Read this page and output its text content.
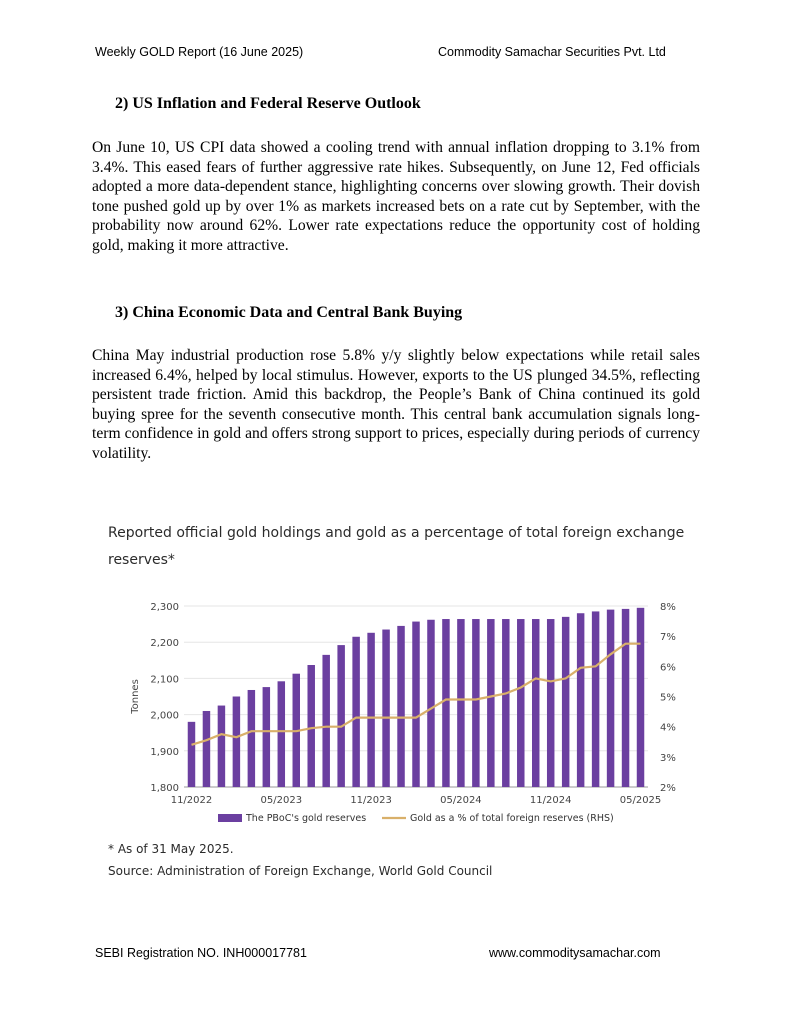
Weekly GOLD Report (16 June 2025)	Commodity Samachar Securities Pvt. Ltd
2) US Inflation and Federal Reserve Outlook

On June 10, US CPI data showed a cooling trend with annual inflation dropping to 3.1% from 3.4%. This eased fears of further aggressive rate hikes. Subsequently, on June 12, Fed officials adopted a more data-dependent stance, highlighting concerns over slowing growth. Their dovish tone pushed gold up by over 1% as markets increased bets on a rate cut by September, with the probability now around 62%. Lower rate expectations reduce the opportunity cost of holding gold, making it more attractive.

3) China Economic Data and Central Bank Buying

China May industrial production rose 5.8% y/y slightly below expectations while retail sales increased 6.4%, helped by local stimulus. However, exports to the US plunged 34.5%, reflecting persistent trade friction. Amid this backdrop, the People’s Bank of China continued its gold buying spree for the seventh consecutive month. This central bank accumulation signals long-term confidence in gold and offers strong support to prices, especially during periods of currency volatility.

Reported official gold holdings and gold as a percentage of total foreign exchange reserves*
1,800
1,900
2,000
2,100
2,200
2,300
2%
3%
4%
5%
6%
7%
8%
Tonnes
11/2022	05/2023	11/2023	05/2024	11/2024	05/2025
The PBoC's gold reserves	Gold as a % of total foreign reserves (RHS)
* As of 31 May 2025.
Source: Administration of Foreign Exchange, World Gold Council
SEBI Registration NO. INH000017781	www.commoditysamachar.com
